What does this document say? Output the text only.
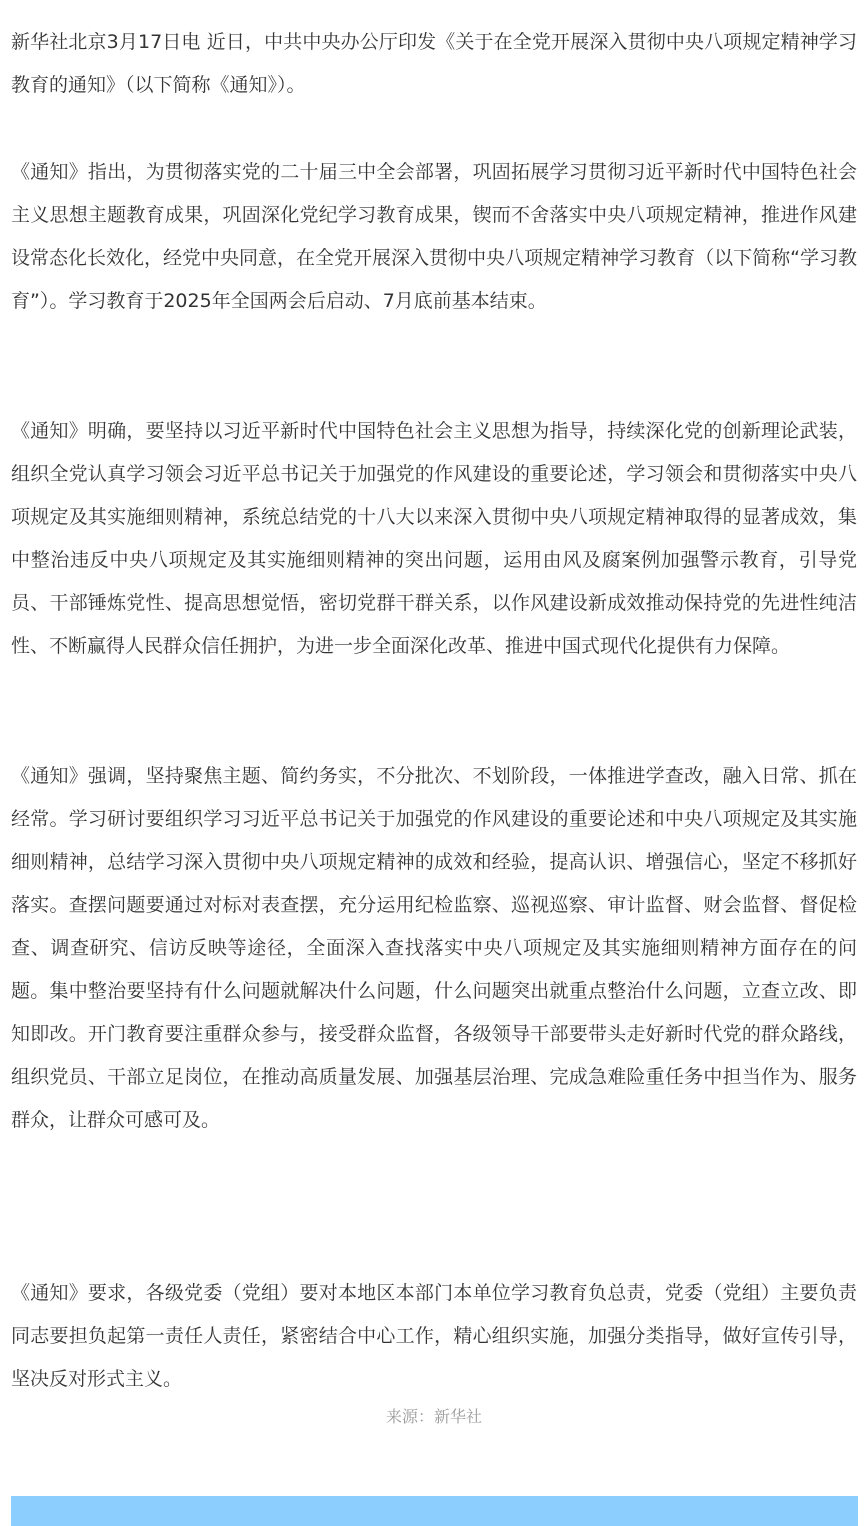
新华社北京3月17日电 近日，中共中央办公厅印发《关于在全党开展深入贯彻中央八项规定精神学习教育的通知》（以下简称《通知》）。

《通知》指出，为贯彻落实党的二十届三中全会部署，巩固拓展学习贯彻习近平新时代中国特色社会主义思想主题教育成果，巩固深化党纪学习教育成果，锲而不舍落实中央八项规定精神，推进作风建设常态化长效化，经党中央同意，在全党开展深入贯彻中央八项规定精神学习教育（以下简称“学习教育”）。学习教育于2025年全国两会后启动、7月底前基本结束。

《通知》明确，要坚持以习近平新时代中国特色社会主义思想为指导，持续深化党的创新理论武装，组织全党认真学习领会习近平总书记关于加强党的作风建设的重要论述，学习领会和贯彻落实中央八项规定及其实施细则精神，系统总结党的十八大以来深入贯彻中央八项规定精神取得的显著成效，集中整治违反中央八项规定及其实施细则精神的突出问题，运用由风及腐案例加强警示教育，引导党员、干部锤炼党性、提高思想觉悟，密切党群干群关系，以作风建设新成效推动保持党的先进性纯洁性、不断赢得人民群众信任拥护，为进一步全面深化改革、推进中国式现代化提供有力保障。

《通知》强调，坚持聚焦主题、简约务实，不分批次、不划阶段，一体推进学查改，融入日常、抓在经常。学习研讨要组织学习习近平总书记关于加强党的作风建设的重要论述和中央八项规定及其实施细则精神，总结学习深入贯彻中央八项规定精神的成效和经验，提高认识、增强信心，坚定不移抓好落实。查摆问题要通过对标对表查摆，充分运用纪检监察、巡视巡察、审计监督、财会监督、督促检查、调查研究、信访反映等途径，全面深入查找落实中央八项规定及其实施细则精神方面存在的问题。集中整治要坚持有什么问题就解决什么问题，什么问题突出就重点整治什么问题，立查立改、即知即改。开门教育要注重群众参与，接受群众监督，各级领导干部要带头走好新时代党的群众路线，组织党员、干部立足岗位，在推动高质量发展、加强基层治理、完成急难险重任务中担当作为、服务群众，让群众可感可及。

《通知》要求，各级党委（党组）要对本地区本部门本单位学习教育负总责，党委（党组）主要负责同志要担负起第一责任人责任，紧密结合中心工作，精心组织实施，加强分类指导，做好宣传引导，坚决反对形式主义。

来源：新华社
